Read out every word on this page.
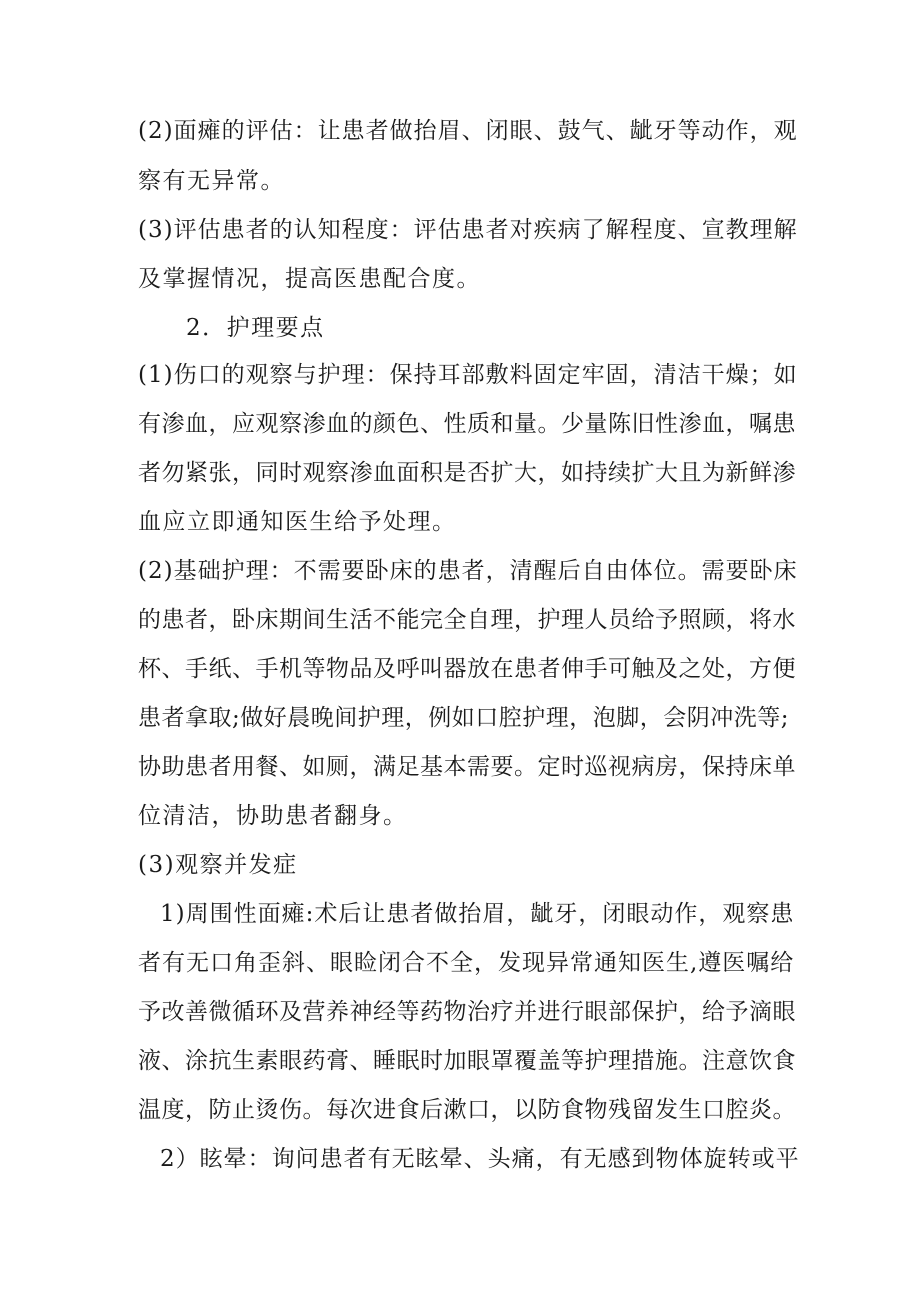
(2)面瘫的评估：让患者做抬眉、闭眼、鼓气、龇牙等动作，观
察有无异常。
(3)评估患者的认知程度：评估患者对疾病了解程度、宣教理解
及掌握情况，提高医患配合度。
2．护理要点
(1)伤口的观察与护理：保持耳部敷料固定牢固，清洁干燥；如
有渗血，应观察渗血的颜色、性质和量。少量陈旧性渗血，嘱患
者勿紧张，同时观察渗血面积是否扩大，如持续扩大且为新鲜渗
血应立即通知医生给予处理。
(2)基础护理：不需要卧床的患者，清醒后自由体位。需要卧床
的患者，卧床期间生活不能完全自理，护理人员给予照顾，将水
杯、手纸、手机等物品及呼叫器放在患者伸手可触及之处，方便
患者拿取;做好晨晚间护理，例如口腔护理，泡脚，会阴冲洗等;
协助患者用餐、如厕，满足基本需要。定时巡视病房，保持床单
位清洁，协助患者翻身。
(3)观察并发症
1)周围性面瘫:术后让患者做抬眉，龇牙，闭眼动作，观察患
者有无口角歪斜、眼睑闭合不全，发现异常通知医生,遵医嘱给
予改善微循环及营养神经等药物治疗并进行眼部保护，给予滴眼
液、涂抗生素眼药膏、睡眠时加眼罩覆盖等护理措施。注意饮食
温度，防止烫伤。每次进食后漱口，以防食物残留发生口腔炎。
2）眩晕：询问患者有无眩晕、头痛，有无感到物体旋转或平
